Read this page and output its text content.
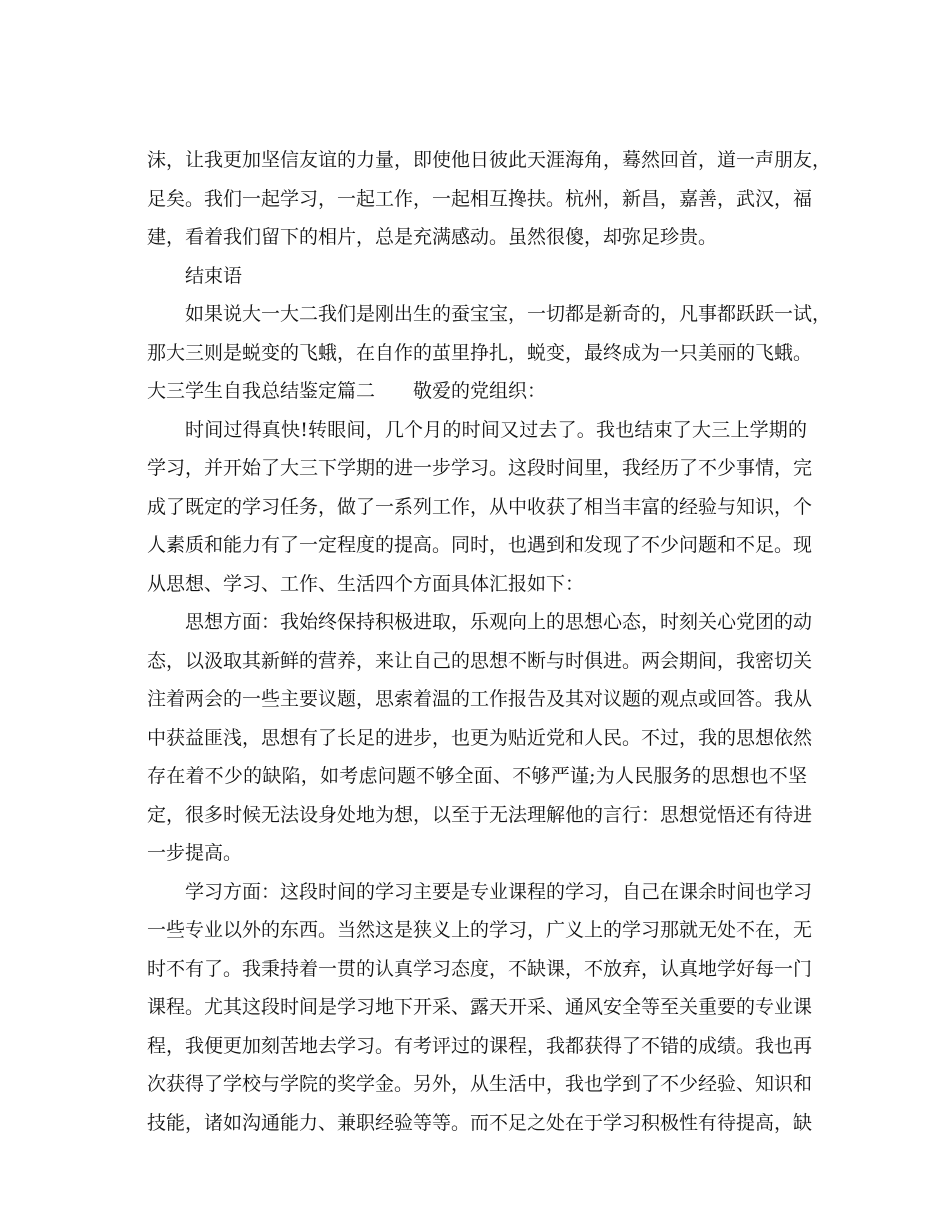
沫，让我更加坚信友谊的力量，即使他日彼此天涯海角，蓦然回首，道一声朋友，
足矣。我们一起学习，一起工作，一起相互搀扶。杭州，新昌，嘉善，武汉，福
建，看着我们留下的相片，总是充满感动。虽然很傻，却弥足珍贵。
结束语
如果说大一大二我们是刚出生的蚕宝宝，一切都是新奇的，凡事都跃跃一试，
那大三则是蜕变的飞蛾，在自作的茧里挣扎，蜕变，最终成为一只美丽的飞蛾。
大三学生自我总结鉴定篇二 敬爱的党组织：
时间过得真快!转眼间，几个月的时间又过去了。我也结束了大三上学期的
学习，并开始了大三下学期的进一步学习。这段时间里，我经历了不少事情，完
成了既定的学习任务，做了一系列工作，从中收获了相当丰富的经验与知识，个
人素质和能力有了一定程度的提高。同时，也遇到和发现了不少问题和不足。现
从思想、学习、工作、生活四个方面具体汇报如下：
思想方面：我始终保持积极进取，乐观向上的思想心态，时刻关心党团的动
态，以汲取其新鲜的营养，来让自己的思想不断与时俱进。两会期间，我密切关
注着两会的一些主要议题，思索着温的工作报告及其对议题的观点或回答。我从
中获益匪浅，思想有了长足的进步，也更为贴近党和人民。不过，我的思想依然
存在着不少的缺陷，如考虑问题不够全面、不够严谨;为人民服务的思想也不坚
定，很多时候无法设身处地为想，以至于无法理解他的言行：思想觉悟还有待进
一步提高。
学习方面：这段时间的学习主要是专业课程的学习，自己在课余时间也学习
一些专业以外的东西。当然这是狭义上的学习，广义上的学习那就无处不在，无
时不有了。我秉持着一贯的认真学习态度，不缺课，不放弃，认真地学好每一门
课程。尤其这段时间是学习地下开采、露天开采、通风安全等至关重要的专业课
程，我便更加刻苦地去学习。有考评过的课程，我都获得了不错的成绩。我也再
次获得了学校与学院的奖学金。另外，从生活中，我也学到了不少经验、知识和
技能，诸如沟通能力、兼职经验等等。而不足之处在于学习积极性有待提高，缺
